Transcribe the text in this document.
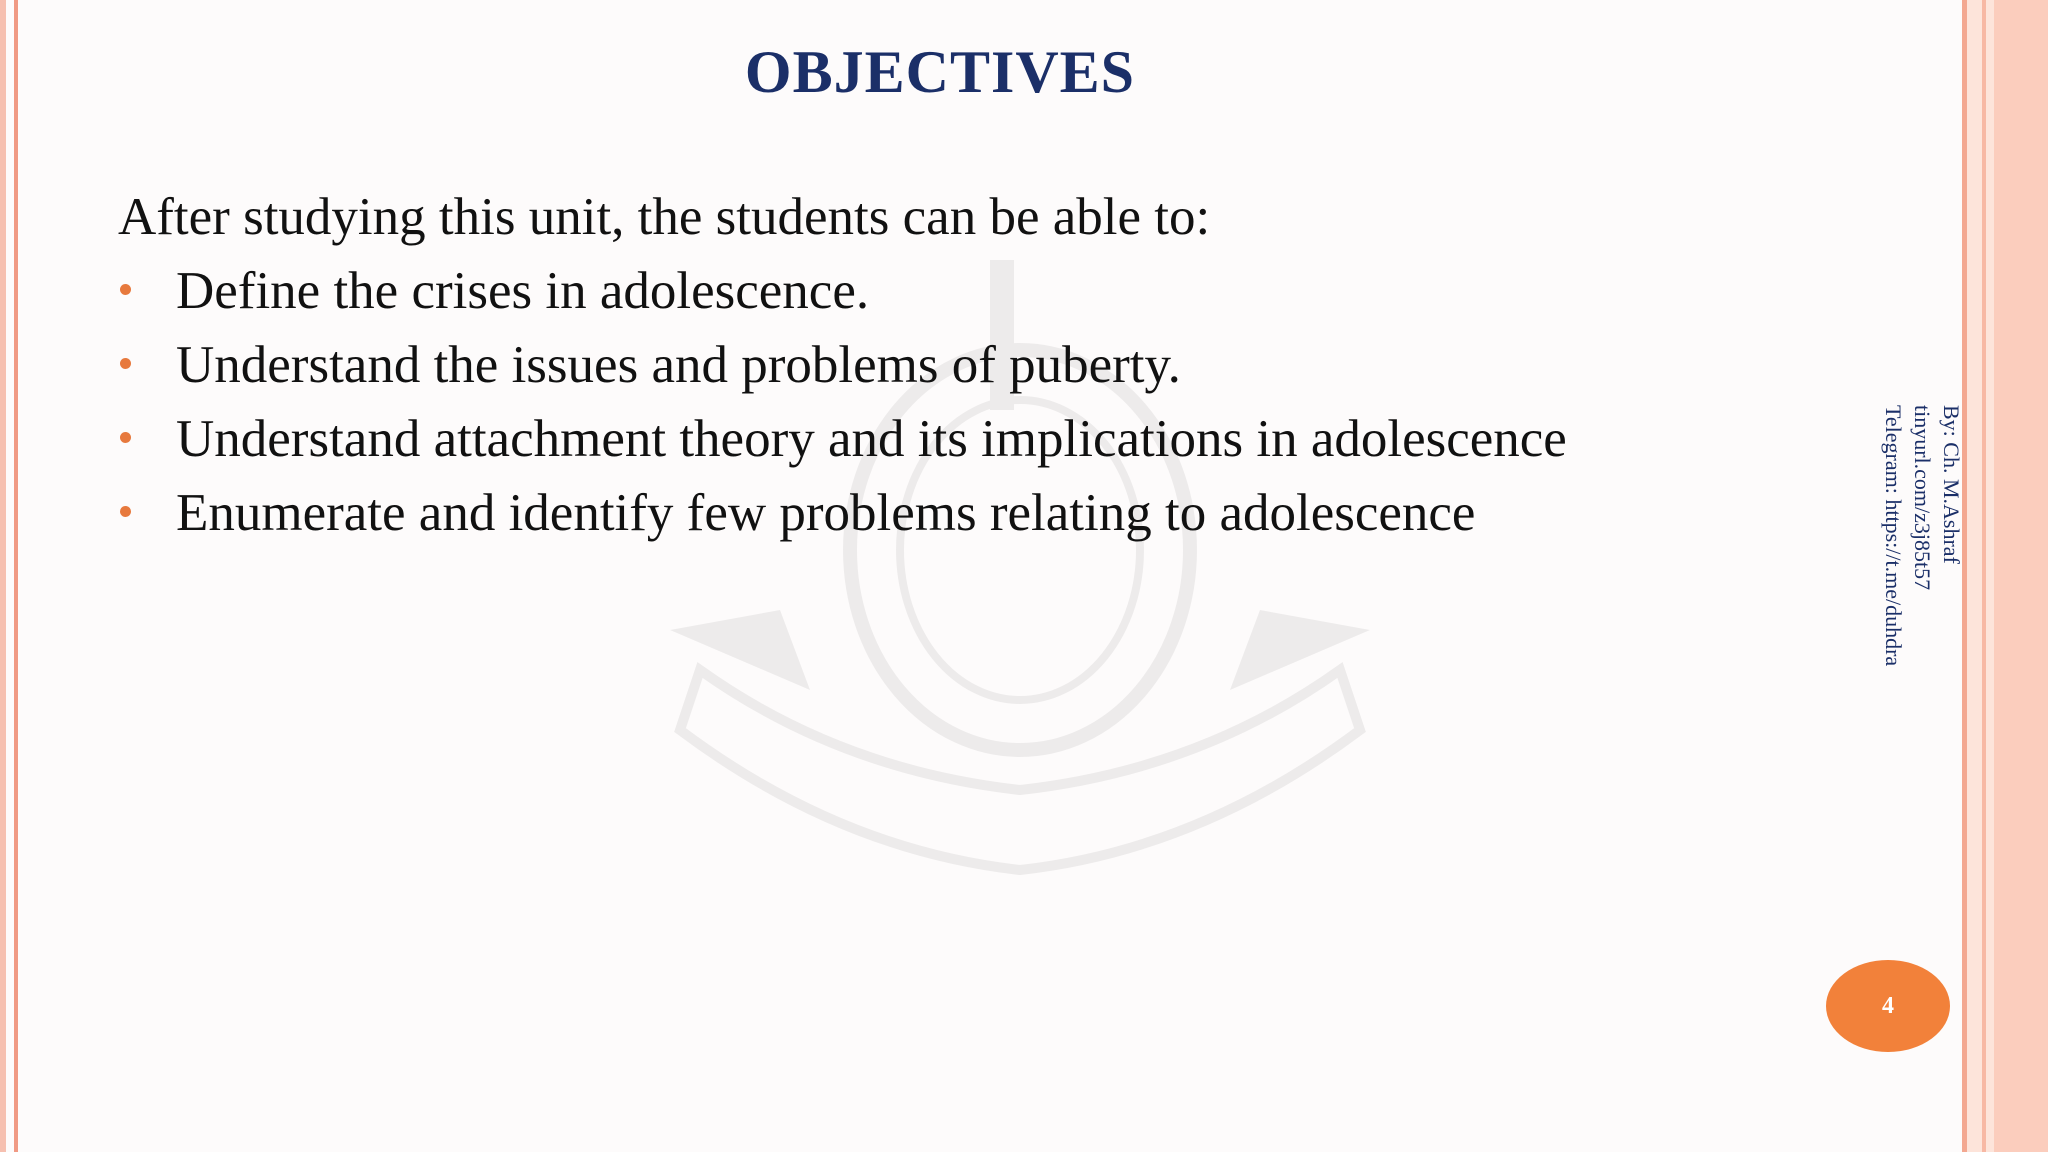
OBJECTIVES

After studying this unit, the students can be able to:

Define the crises in adolescence.
Understand the issues and problems of puberty.
Understand attachment theory and its implications in adolescence
Enumerate and identify few problems relating to adolescence	By: Ch. M.Ashraf
tinyurl.com/z3j85t57
Telegram: https://t.me/duhdra
4
